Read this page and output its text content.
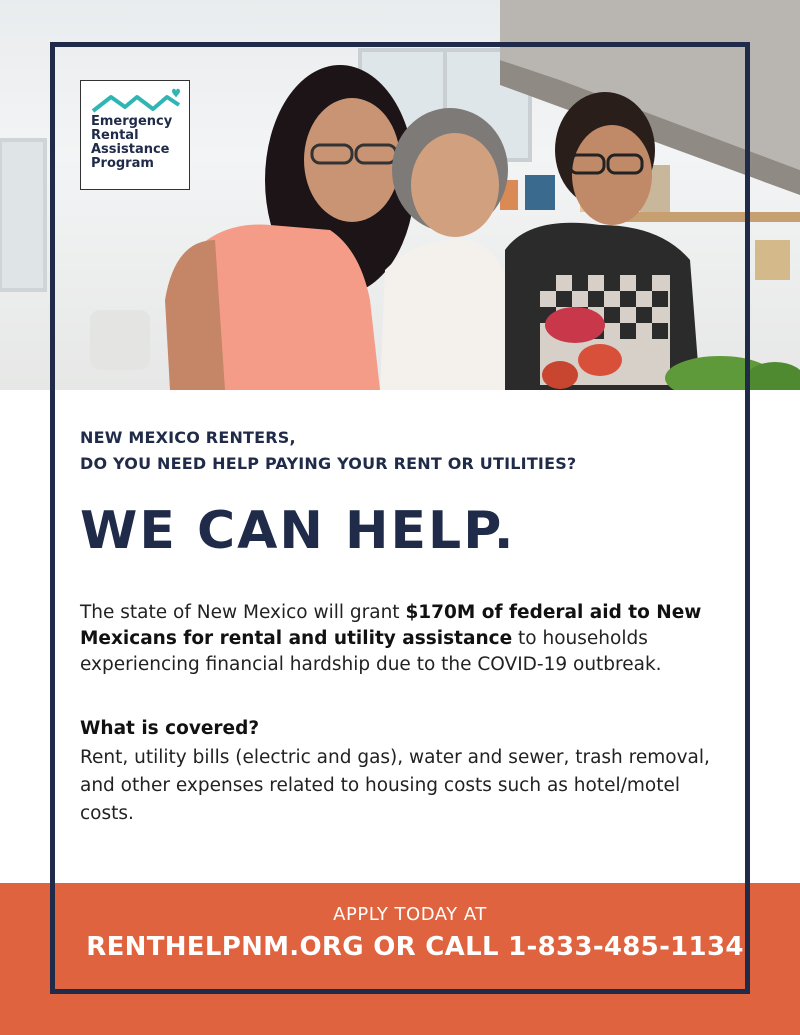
Emergency
Rental
Assistance
Program
NEW MEXICO RENTERS,
DO YOU NEED HELP PAYING YOUR RENT OR UTILITIES?
WE CAN HELP.
The state of New Mexico will grant $170M of federal aid to New Mexicans for rental and utility assistance to households experiencing financial hardship due to the COVID-19 outbreak.
What is covered?
Rent, utility bills (electric and gas), water and sewer, trash removal, and other expenses related to housing costs such as hotel/motel costs.
APPLY TODAY AT
RENTHELPNM.ORG OR CALL 1-833-485-1134
